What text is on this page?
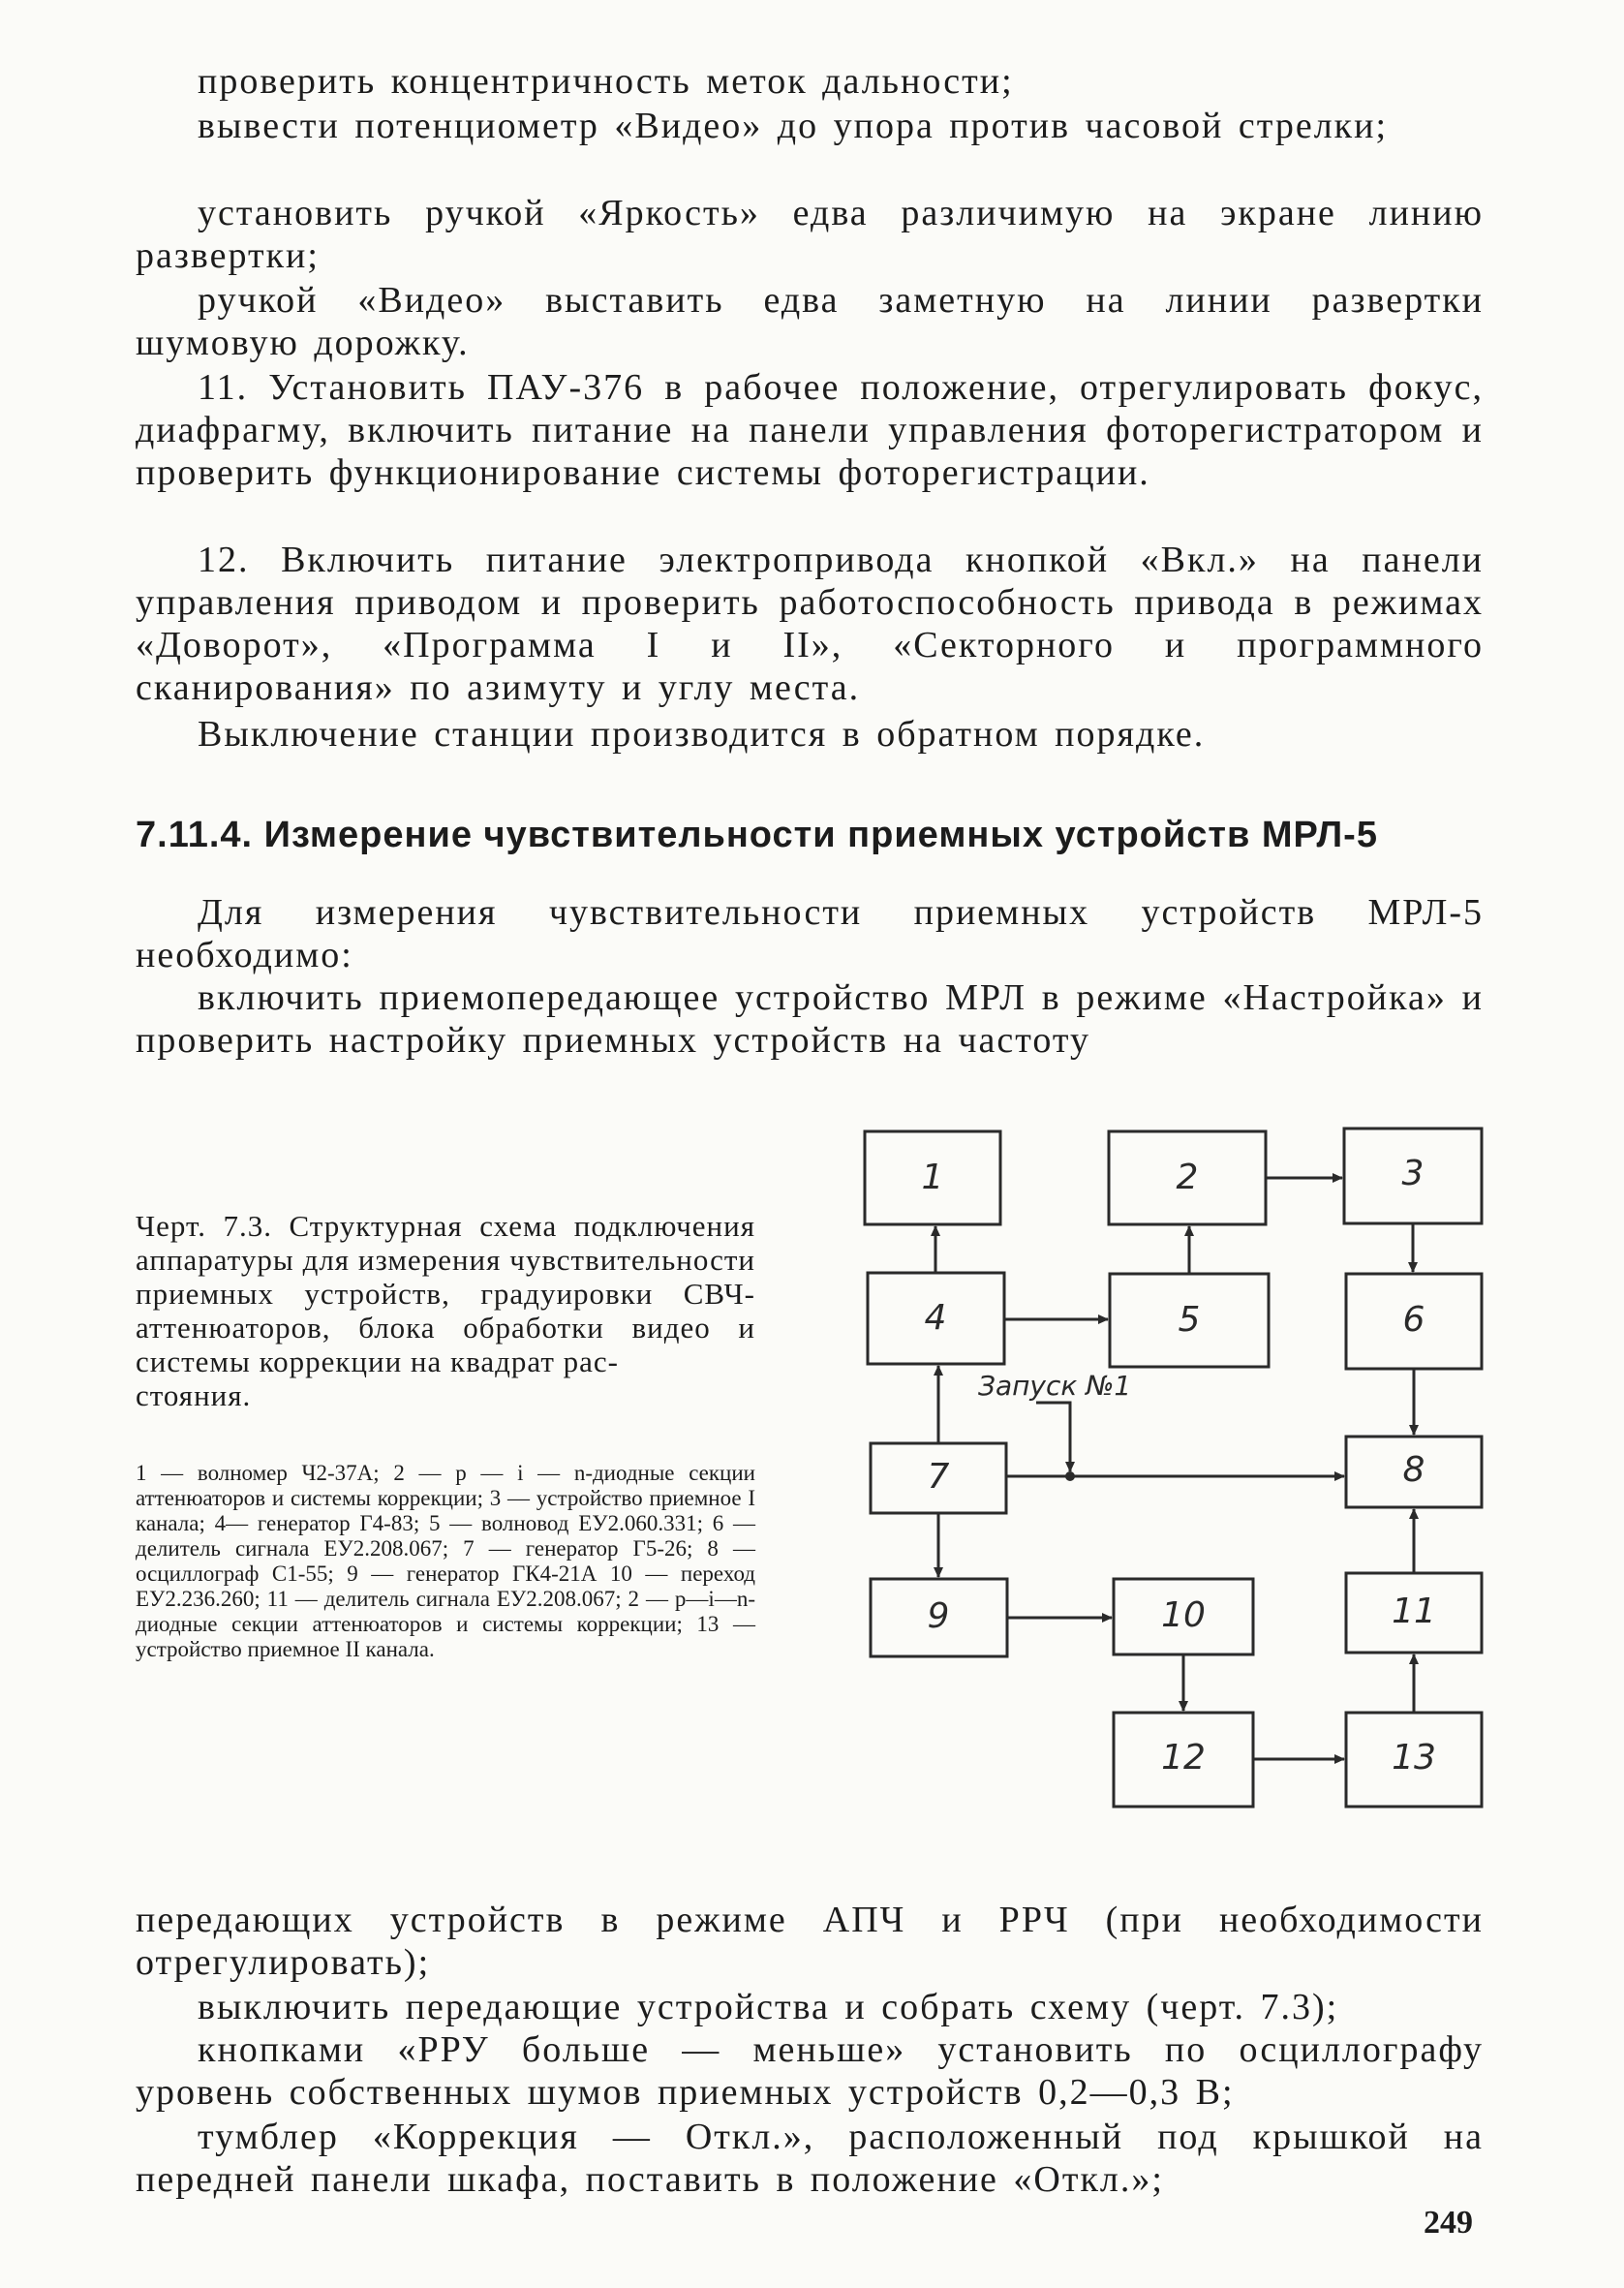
проверить концентричность меток дальности;

вывести потенциометр «Видео» до упора против часовой стрелки;

установить ручкой «Яркость» едва различимую на экране линию развертки;

ручкой «Видео» выставить едва заметную на линии развертки шумовую дорожку.

11. Установить ПАУ-376 в рабочее положение, отрегулировать фокус, диафрагму, включить питание на панели управления фоторегистратором и проверить функционирование системы фоторегистрации.

12. Включить питание электропривода кнопкой «Вкл.» на панели управления приводом и проверить работоспособность привода в режимах «Доворот», «Программа I и II», «Секторного и программного сканирования» по азимуту и углу места.

Выключение станции производится в обратном порядке.

7.11.4. Измерение чувствительности приемных устройств МРЛ-5

Для измерения чувствительности приемных устройств МРЛ-5 необходимо:

включить приемопередающее устройство МРЛ в режиме «Настройка» и проверить настройку приемных устройств на частоту

Черт. 7.3. Структурная схема подключения аппаратуры для измерения чувствительности приемных устройств, градуировки СВЧ-аттенюаторов, блока обработки видео и системы коррекции на квадрат рас-
стояния.
1 — волномер Ч2-37А; 2 — p — i — n-диодные секции аттенюаторов и системы коррекции; 3 — устройство приемное I канала; 4— генератор Г4-83; 5 — волновод ЕУ2.060.331; 6 — делитель сигнала ЕУ2.208.067; 7 — генератор Г5-26; 8 — осциллограф С1-55; 9 — генератор ГК4-21А 10 — переход ЕУ2.236.260; 11 — делитель сигнала ЕУ2.208.067; 2 — p—i—n-диодные секции аттенюаторов и системы коррекции; 13 — устройство приемное II канала.
1	2	3
4	5	6
7	8
9	10	11
12	13
Запуск №1

передающих устройств в режиме АПЧ и РРЧ (при необходимости отрегулировать);

выключить передающие устройства и собрать схему (черт. 7.3);

кнопками «РРУ больше — меньше» установить по осциллографу уровень собственных шумов приемных устройств 0,2—0,3 В;

тумблер «Коррекция — Откл.», расположенный под крышкой на передней панели шкафа, поставить в положение «Откл.»;

249
